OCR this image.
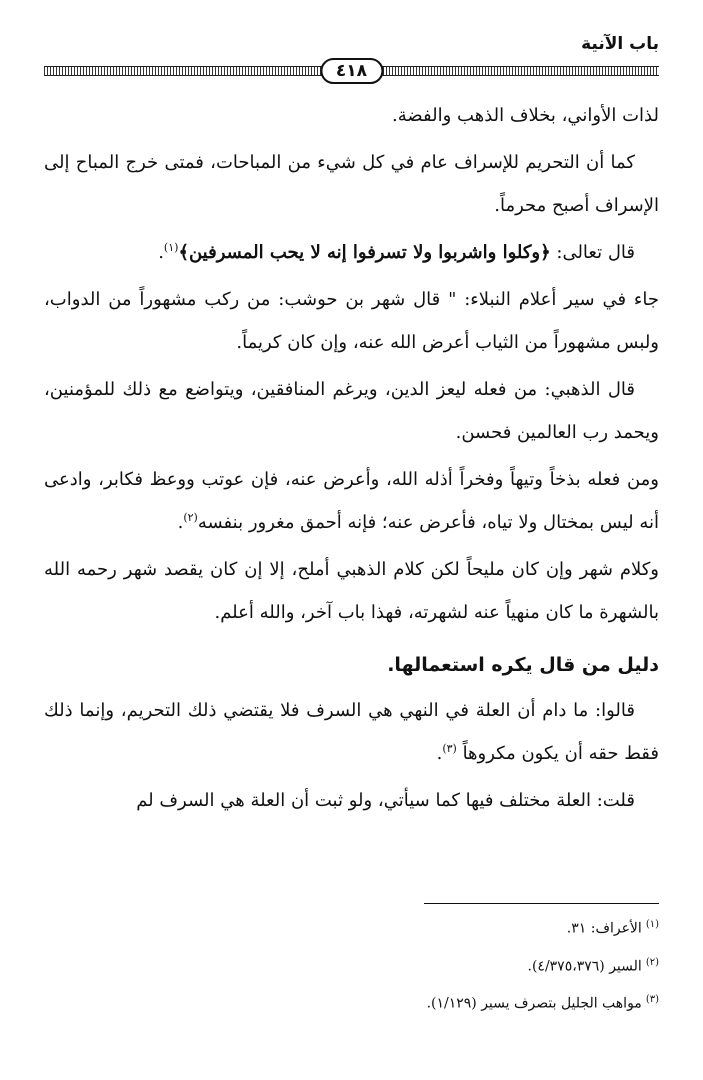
باب الآنية
٤١٨

لذات الأواني، بخلاف الذهب والفضة.

كما أن التحريم للإسراف عام في كل شيء من المباحات، فمتى خرج المباح إلى الإسراف أصبح محرماً.

قال تعالى: ﴿وكلوا واشربوا ولا تسرفوا إنه لا يحب المسرفين﴾$^{(١)}$.

جاء في سير أعلام النبلاء: " قال شهر بن حوشب: من ركب مشهوراً من الدواب، ولبس مشهوراً من الثياب أعرض الله عنه، وإن كان كريماً.

قال الذهبي: من فعله ليعز الدين، ويرغم المنافقين، ويتواضع مع ذلك للمؤمنين، ويحمد رب العالمين فحسن.

ومن فعله بذخاً وتيهاً وفخراً أذله الله، وأعرض عنه، فإن عوتب ووعظ فكابر، وادعى أنه ليس بمختال ولا تياه، فأعرض عنه؛ فإنه أحمق مغرور بنفسه$^{(٢)}$.

وكلام شهر وإن كان مليحاً لكن كلام الذهبي أملح، إلا إن كان يقصد شهر رحمه الله بالشهرة ما كان منهياً عنه لشهرته، فهذا باب آخر، والله أعلم.

دليل من قال يكره استعمالها.

قالوا: ما دام أن العلة في النهي هي السرف فلا يقتضي ذلك التحريم، وإنما ذلك فقط حقه أن يكون مكروهاً $^{(٣)}$.

قلت: العلة مختلف فيها كما سيأتي، ولو ثبت أن العلة هي السرف لم

$^{(١)}$الأعراف: ٣١.
$^{(٢)}$السير (٤/٣٧٥،٣٧٦).
$^{(٣)}$مواهب الجليل بتصرف يسير (١/١٢٩).
